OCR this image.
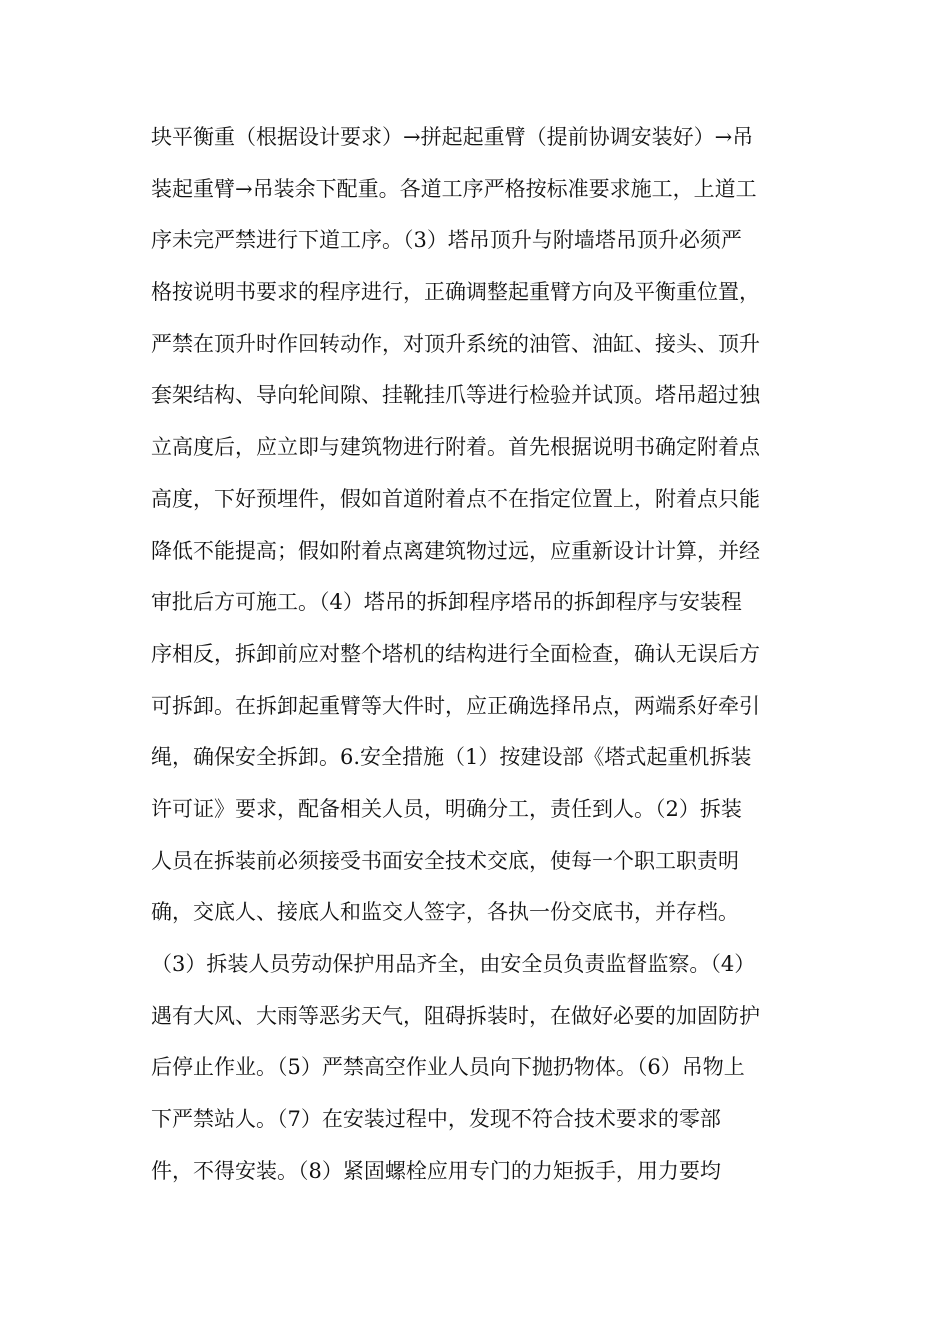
块平衡重（根据设计要求）→拼起起重臂（提前协调安装好）→吊
装起重臂→吊装余下配重。各道工序严格按标准要求施工，上道工
序未完严禁进行下道工序。（3）塔吊顶升与附墙塔吊顶升必须严
格按说明书要求的程序进行，正确调整起重臂方向及平衡重位置，
严禁在顶升时作回转动作，对顶升系统的油管、油缸、接头、顶升
套架结构、导向轮间隙、挂靴挂爪等进行检验并试顶。塔吊超过独
立高度后，应立即与建筑物进行附着。首先根据说明书确定附着点
高度，下好预埋件，假如首道附着点不在指定位置上，附着点只能
降低不能提高；假如附着点离建筑物过远，应重新设计计算，并经
审批后方可施工。（4）塔吊的拆卸程序塔吊的拆卸程序与安装程
序相反，拆卸前应对整个塔机的结构进行全面检查，确认无误后方
可拆卸。在拆卸起重臂等大件时，应正确选择吊点，两端系好牵引
绳，确保安全拆卸。6.安全措施（1）按建设部《塔式起重机拆装
许可证》要求，配备相关人员，明确分工，责任到人。（2）拆装
人员在拆装前必须接受书面安全技术交底，使每一个职工职责明
确，交底人、接底人和监交人签字，各执一份交底书，并存档。
（3）拆装人员劳动保护用品齐全，由安全员负责监督监察。（4）
遇有大风、大雨等恶劣天气，阻碍拆装时，在做好必要的加固防护
后停止作业。（5）严禁高空作业人员向下抛扔物体。（6）吊物上
下严禁站人。（7）在安装过程中，发现不符合技术要求的零部
件，不得安装。（8）紧固螺栓应用专门的力矩扳手，用力要均
